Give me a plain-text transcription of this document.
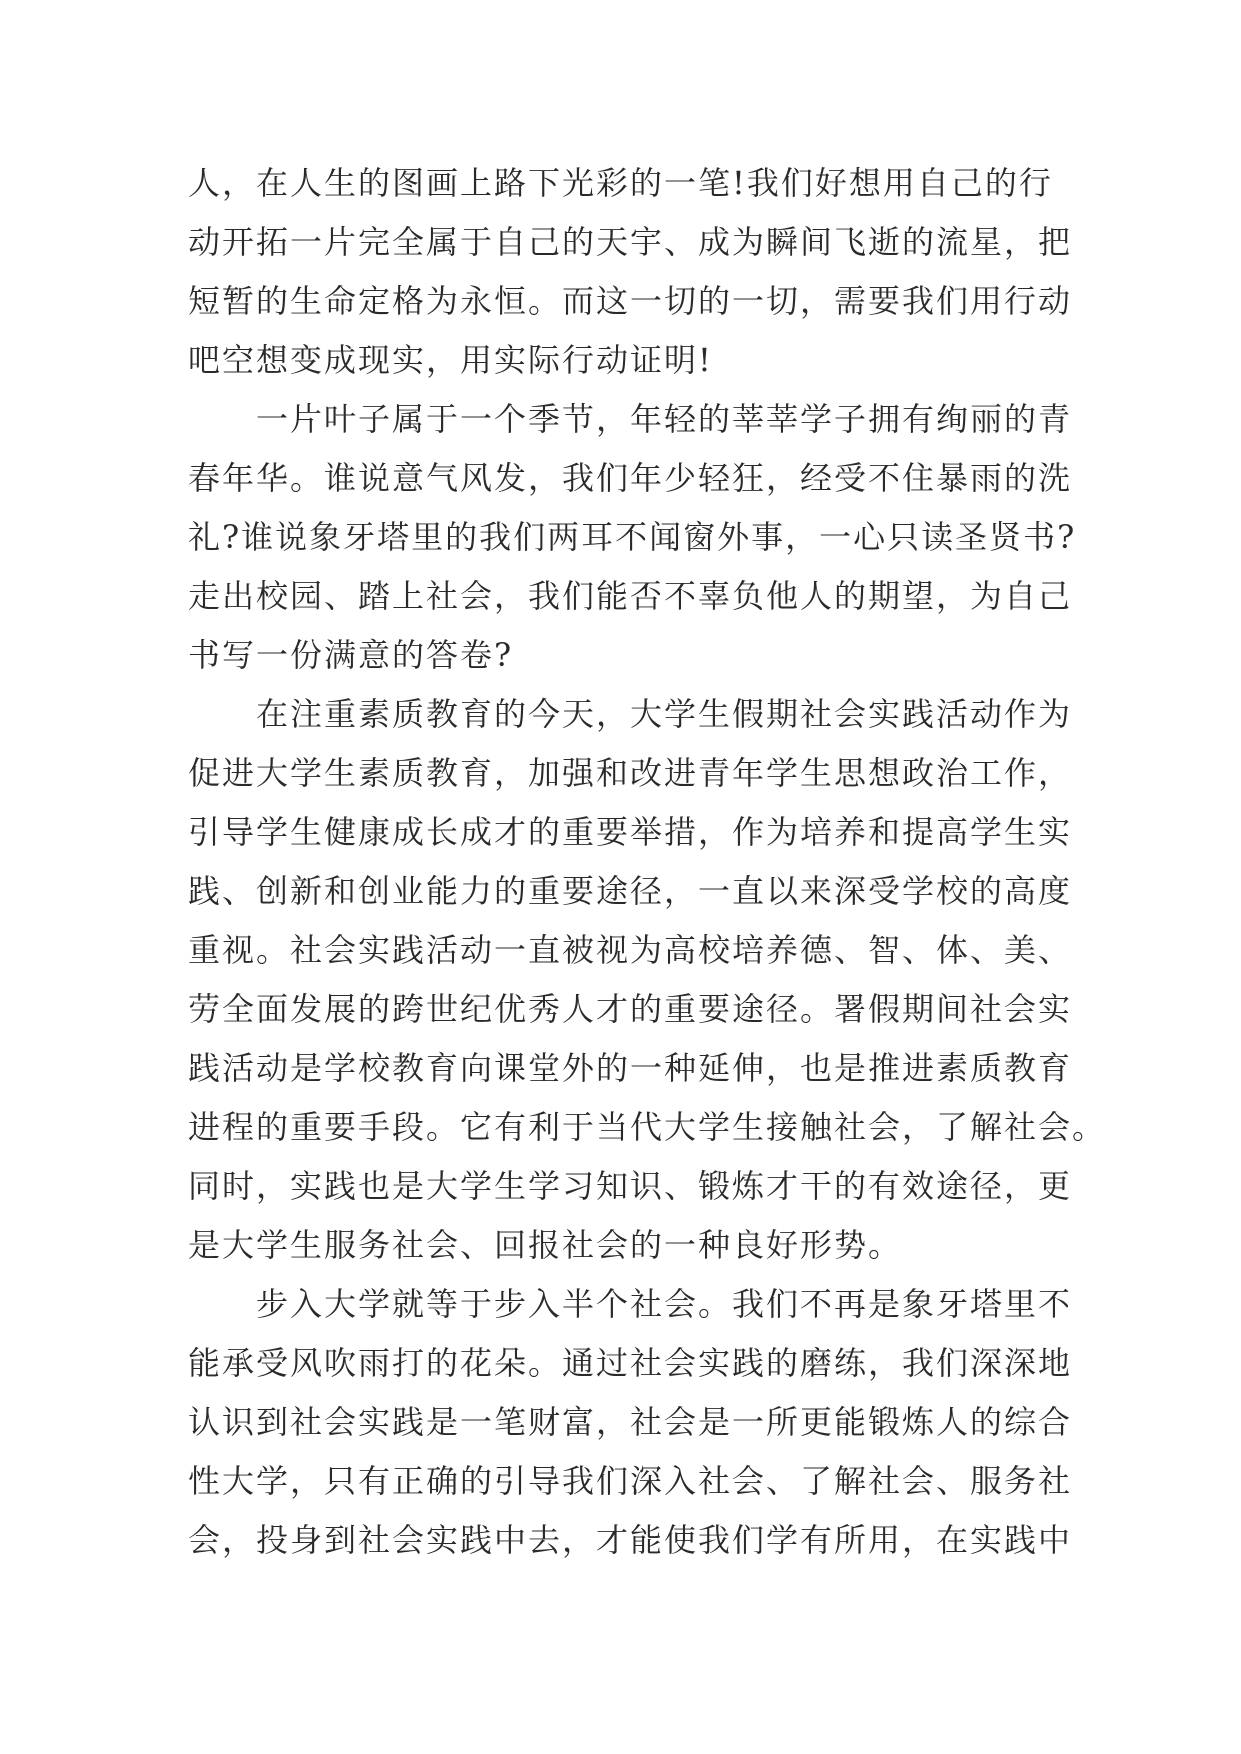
人，在人生的图画上路下光彩的一笔!我们好想用自己的行
动开拓一片完全属于自己的天宇、成为瞬间飞逝的流星，把
短暂的生命定格为永恒。而这一切的一切，需要我们用行动
吧空想变成现实，用实际行动证明!
　　一片叶子属于一个季节，年轻的莘莘学子拥有绚丽的青
春年华。谁说意气风发，我们年少轻狂，经受不住暴雨的洗
礼?谁说象牙塔里的我们两耳不闻窗外事，一心只读圣贤书?
走出校园、踏上社会，我们能否不辜负他人的期望，为自己
书写一份满意的答卷?
　　在注重素质教育的今天，大学生假期社会实践活动作为
促进大学生素质教育，加强和改进青年学生思想政治工作，
引导学生健康成长成才的重要举措，作为培养和提高学生实
践、创新和创业能力的重要途径，一直以来深受学校的高度
重视。社会实践活动一直被视为高校培养德、智、体、美、
劳全面发展的跨世纪优秀人才的重要途径。署假期间社会实
践活动是学校教育向课堂外的一种延伸，也是推进素质教育
进程的重要手段。它有利于当代大学生接触社会，了解社会。
同时，实践也是大学生学习知识、锻炼才干的有效途径，更
是大学生服务社会、回报社会的一种良好形势。
　　步入大学就等于步入半个社会。我们不再是象牙塔里不
能承受风吹雨打的花朵。通过社会实践的磨练，我们深深地
认识到社会实践是一笔财富，社会是一所更能锻炼人的综合
性大学，只有正确的引导我们深入社会、了解社会、服务社
会，投身到社会实践中去，才能使我们学有所用，在实践中
